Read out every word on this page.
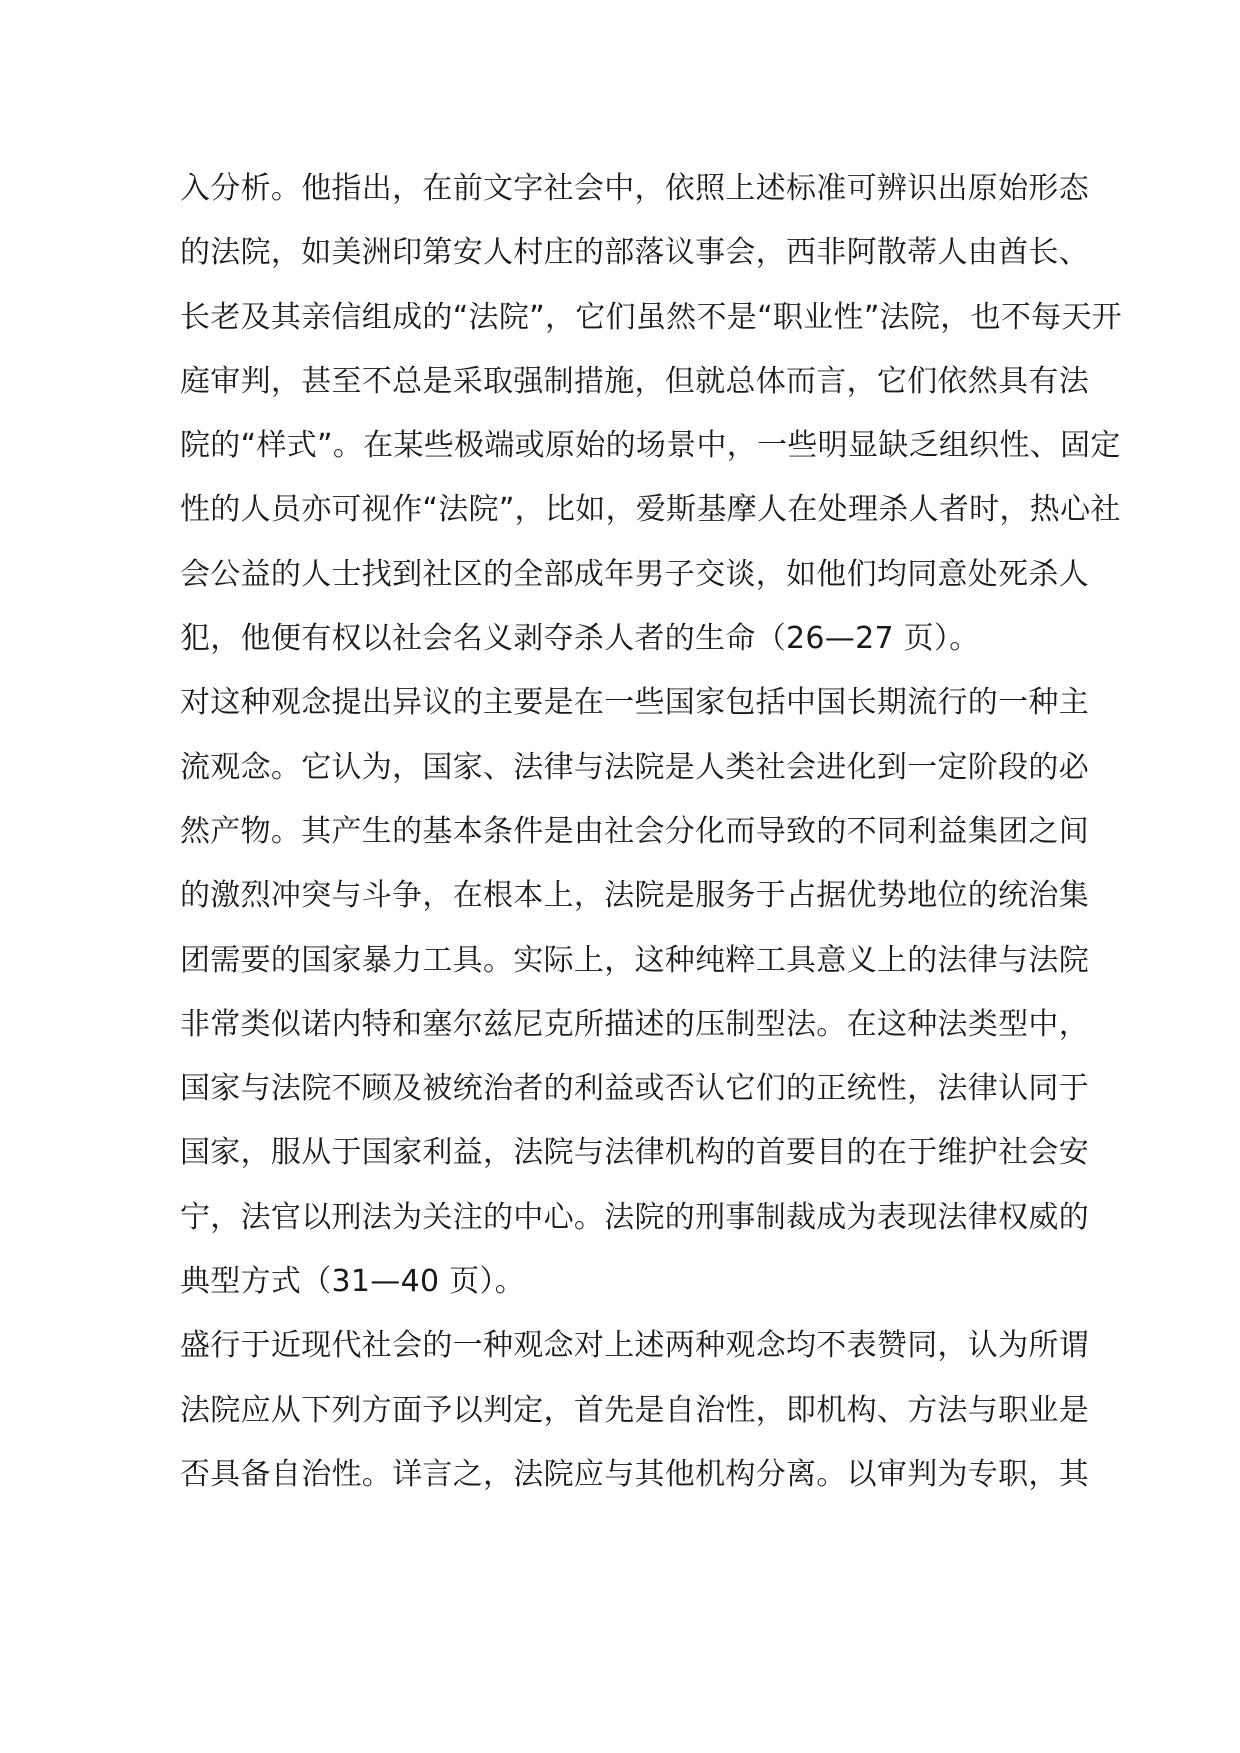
入分析。他指出，在前文字社会中，依照上述标准可辨识出原始形态
的法院，如美洲印第安人村庄的部落议事会，西非阿散蒂人由酋长、
长老及其亲信组成的“法院”，它们虽然不是“职业性”法院，也不每天开
庭审判，甚至不总是采取强制措施，但就总体而言，它们依然具有法
院的“样式”。在某些极端或原始的场景中，一些明显缺乏组织性、固定
性的人员亦可视作“法院”，比如，爱斯基摩人在处理杀人者时，热心社
会公益的人士找到社区的全部成年男子交谈，如他们均同意处死杀人
犯，他便有权以社会名义剥夺杀人者的生命（26—27 页）。
对这种观念提出异议的主要是在一些国家包括中国长期流行的一种主
流观念。它认为，国家、法律与法院是人类社会进化到一定阶段的必
然产物。其产生的基本条件是由社会分化而导致的不同利益集团之间
的激烈冲突与斗争，在根本上，法院是服务于占据优势地位的统治集
团需要的国家暴力工具。实际上，这种纯粹工具意义上的法律与法院
非常类似诺内特和塞尔兹尼克所描述的压制型法。在这种法类型中，
国家与法院不顾及被统治者的利益或否认它们的正统性，法律认同于
国家，服从于国家利益，法院与法律机构的首要目的在于维护社会安
宁，法官以刑法为关注的中心。法院的刑事制裁成为表现法律权威的
典型方式（31—40 页）。
盛行于近现代社会的一种观念对上述两种观念均不表赞同，认为所谓
法院应从下列方面予以判定，首先是自治性，即机构、方法与职业是
否具备自治性。详言之，法院应与其他机构分离。以审判为专职，其
